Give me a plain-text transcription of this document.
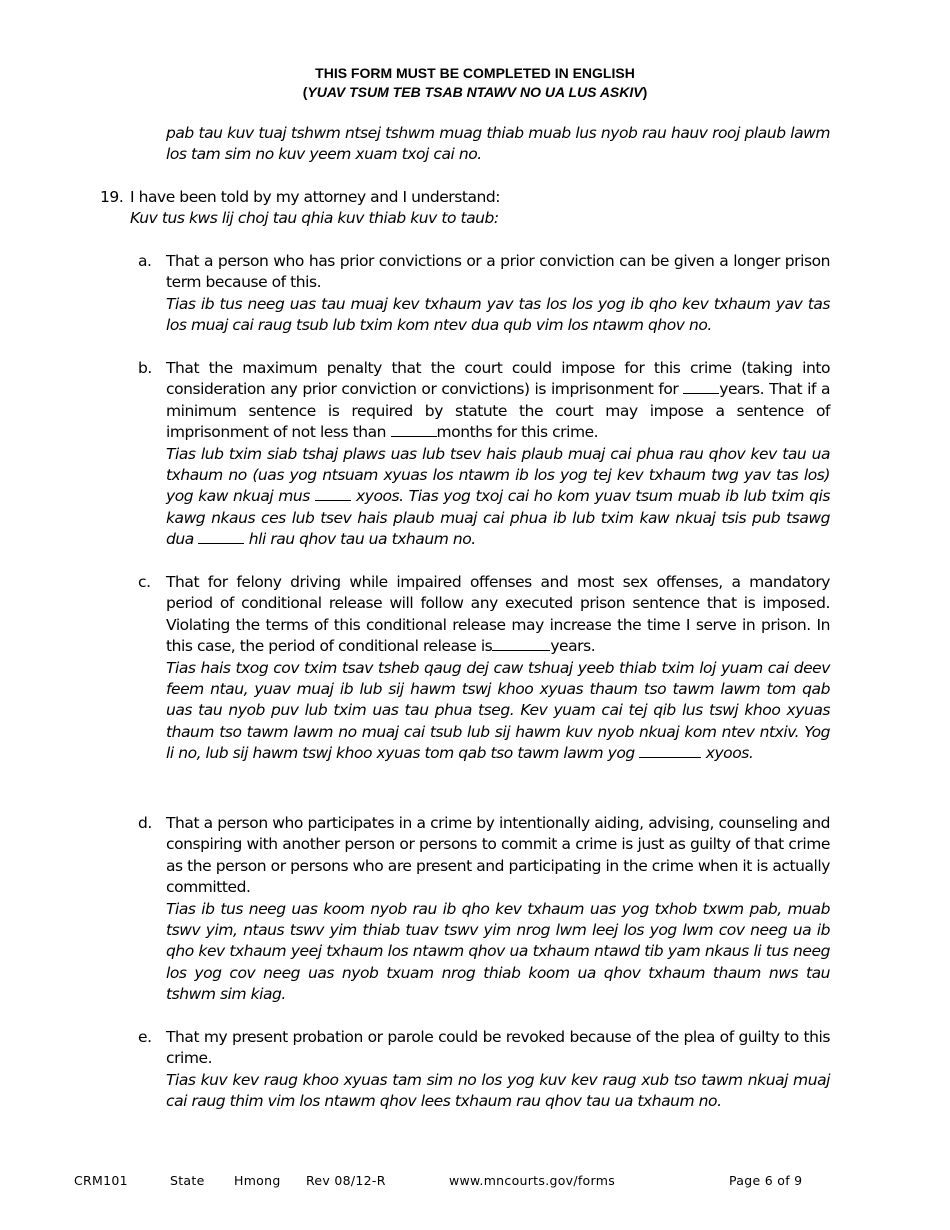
THIS FORM MUST BE COMPLETED IN ENGLISH
(YUAV TSUM TEB TSAB NTAWV NO UA LUS ASKIV)
pab tau kuv tuaj tshwm ntsej tshwm muag thiab muab lus nyob rau hauv rooj plaub lawm los tam sim no kuv yeem xuam txoj cai no.
19. I have been told by my attorney and I understand:
Kuv tus kws lij choj tau qhia kuv thiab kuv to taub:
a. That a person who has prior convictions or a prior conviction can be given a longer prison term because of this.
Tias ib tus neeg uas tau muaj kev txhaum yav tas los los yog ib qho kev txhaum yav tas los muaj cai raug tsub lub txim kom ntev dua qub vim los ntawm qhov no.
b. That the maximum penalty that the court could impose for this crime (taking into consideration any prior conviction or convictions) is imprisonment for years. That if a minimum sentence is required by statute the court may impose a sentence of imprisonment of not less than	months for this crime.
Tias lub txim siab tshaj plaws uas lub tsev hais plaub muaj cai phua rau qhov kev tau ua txhaum no (uas yog ntsuam xyuas los ntawm ib los yog tej kev txhaum twg yav tas los) yog kaw nkuaj mus  xyoos. Tias yog txoj cai ho kom yuav tsum muab ib lub txim qis kawg nkaus ces lub tsev hais plaub muaj cai phua ib lub txim kaw nkuaj tsis pub tsawg dua	hli rau qhov tau ua txhaum no.
c. That for felony driving while impaired offenses and most sex offenses, a mandatory period of conditional release will follow any executed prison sentence that is imposed. Violating the terms of this conditional release may increase the time I serve in prison. In this case, the period of conditional release is	years.
Tias hais txog cov txim tsav tsheb qaug dej caw tshuaj yeeb thiab txim loj yuam cai deev feem ntau, yuav muaj ib lub sij hawm tswj khoo xyuas thaum tso tawm lawm tom qab uas tau nyob puv lub txim uas tau phua tseg. Kev yuam cai tej qib lus tswj khoo xyuas thaum tso tawm lawm no muaj cai tsub lub sij hawm kuv nyob nkuaj kom ntev ntxiv. Yog li no, lub sij hawm tswj khoo xyuas tom qab tso tawm lawm yog	xyoos.
d. That a person who participates in a crime by intentionally aiding, advising, counseling and conspiring with another person or persons to commit a crime is just as guilty of that crime as the person or persons who are present and participating in the crime when it is actually committed.
Tias ib tus neeg uas koom nyob rau ib qho kev txhaum uas yog txhob txwm pab, muab tswv yim, ntaus tswv yim thiab tuav tswv yim nrog lwm leej los yog lwm cov neeg ua ib qho kev txhaum yeej txhaum los ntawm qhov ua txhaum ntawd tib yam nkaus li tus neeg los yog cov neeg uas nyob txuam nrog thiab koom ua qhov txhaum thaum nws tau tshwm sim kiag.
e. That my present probation or parole could be revoked because of the plea of guilty to this crime.
Tias kuv kev raug khoo xyuas tam sim no los yog kuv kev raug xub tso tawm nkuaj muaj cai raug thim vim los ntawm qhov lees txhaum rau qhov tau ua txhaum no.
CRM101	State Hmong Rev 08/12-R	www.mncourts.gov/forms	Page 6 of 9
